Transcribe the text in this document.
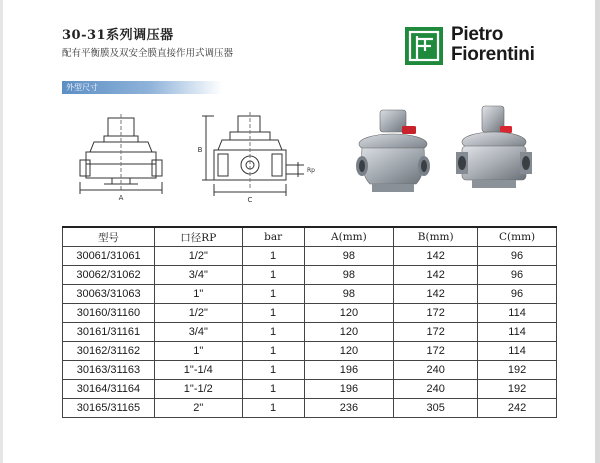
30-31系列调压器
配有平衡膜及双安全膜直接作用式调压器
外型尺寸
Pietro
Fiorentini
A
B
C
Rp
型号	口径RP	bar	A(mm)	B(mm)	C(mm)
30061/31061	1/2"	1	98	142	96
30062/31062	3/4"	1	98	142	96
30063/31063	1"	1	98	142	96
30160/31160	1/2"	1	120	172	114
30161/31161	3/4"	1	120	172	114
30162/31162	1"	1	120	172	114
30163/31163	1"-1/4	1	196	240	192
30164/31164	1"-1/2	1	196	240	192
30165/31165	2"	1	236	305	242
